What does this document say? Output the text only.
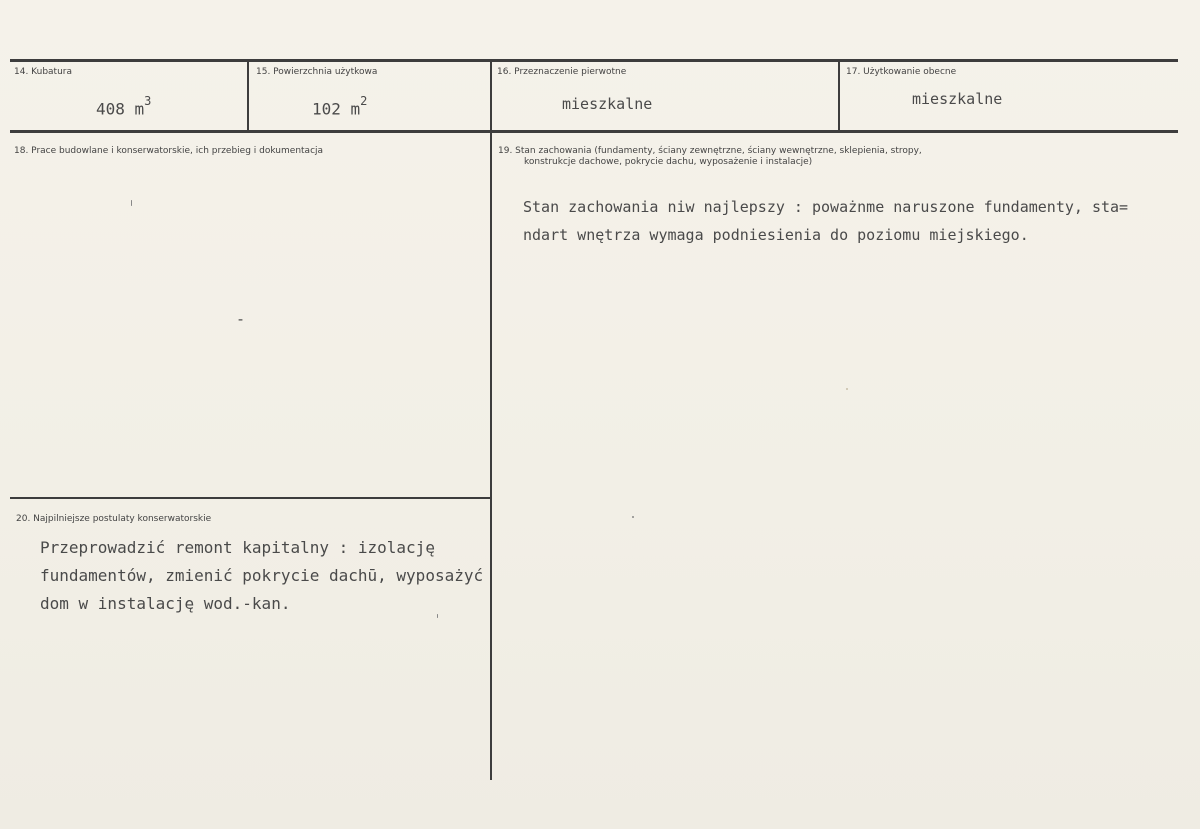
14. Kubatura
408 $m^3$
15. Powierzchnia użytkowa
102 $m^2$
16. Przeznaczenie pierwotne
mieszkalne
17. Użytkowanie obecne
mieszkalne
18. Prace budowlane i konserwatorskie, ich przebieg i dokumentacja
-
19. Stan zachowania (fundamenty, ściany zewnętrzne, ściany wewnętrzne, sklepienia, stropy,
konstrukcje dachowe, pokrycie dachu, wyposażenie i instalacje)
Stan zachowania niw najlepszy : poważnme naruszone fundamenty, sta=
ndart wnętrza wymaga podniesienia do poziomu miejskiego.
20. Najpilniejsze postulaty konserwatorskie
Przeprowadzić remont kapitalny : izolację
fundamentów, zmienić pokrycie dachū, wyposażyć
dom w instalację wod.-kan.
